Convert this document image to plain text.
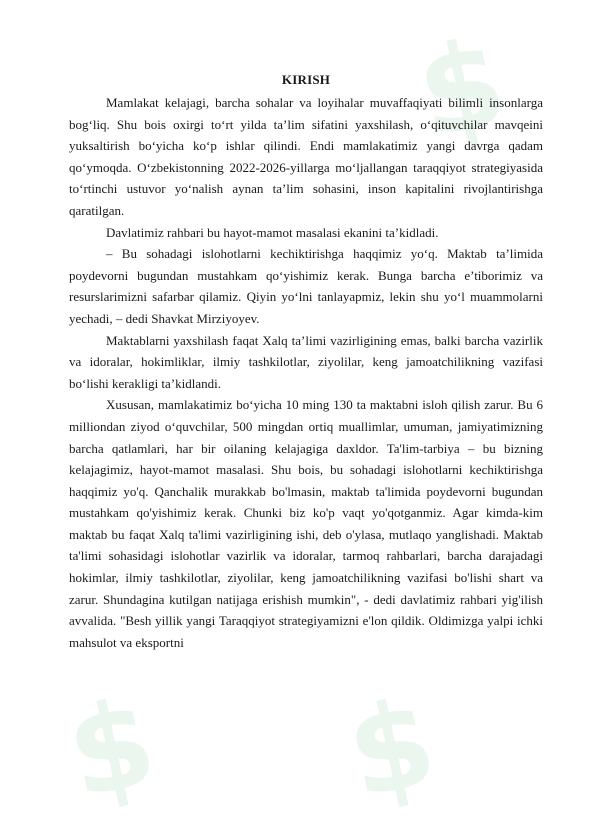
$
$ $
KIRISH

Mamlakat kelajagi, barcha sohalar va loyihalar muvaffaqiyati bilimli insonlarga bog‘liq. Shu bois oxirgi to‘rt yilda ta’lim sifatini yaxshilash, o‘qituvchilar mavqeini yuksaltirish bo‘yicha ko‘p ishlar qilindi. Endi mamlakatimiz yangi davrga qadam qo‘ymoqda. O‘zbekistonning 2022-2026-yillarga mo‘ljallangan taraqqiyot strategiyasida to‘rtinchi ustuvor yo‘nalish aynan ta’lim sohasini, inson kapitalini rivojlantirishga qaratilgan.

Davlatimiz rahbari bu hayot-mamot masalasi ekanini ta’kidladi.

– Bu sohadagi islohotlarni kechiktirishga haqqimiz yo‘q. Maktab ta’limida poydevorni bugundan mustahkam qo‘yishimiz kerak. Bunga barcha e’tiborimiz va resurslarimizni safarbar qilamiz. Qiyin yo‘lni tanlayapmiz, lekin shu yo‘l muammolarni yechadi, – dedi Shavkat Mirziyoyev.

Maktablarni yaxshilash faqat Xalq ta’limi vazirligining emas, balki barcha vazirlik va idoralar, hokimliklar, ilmiy tashkilotlar, ziyolilar, keng jamoatchilikning vazifasi bo‘lishi kerakligi ta’kidlandi.

Xususan, mamlakatimiz bo‘yicha 10 ming 130 ta maktabni isloh qilish zarur. Bu 6 milliondan ziyod o‘quvchilar, 500 mingdan ortiq muallimlar, umuman, jamiyatimizning barcha qatlamlari, har bir oilaning kelajagiga daxldor. Ta'lim-tarbiya – bu bizning kelajagimiz, hayot-mamot masalasi. Shu bois, bu sohadagi islohotlarni kechiktirishga haqqimiz yo'q. Qanchalik murakkab bo'lmasin, maktab ta'limida poydevorni bugundan mustahkam qo'yishimiz kerak. Chunki biz ko'p vaqt yo'qotganmiz. Agar kimda-kim maktab bu faqat Xalq ta'limi vazirligining ishi, deb o'ylasa, mutlaqo yanglishadi. Maktab ta'limi sohasidagi islohotlar vazirlik va idoralar, tarmoq rahbarlari, barcha darajadagi hokimlar, ilmiy tashkilotlar, ziyolilar, keng jamoatchilikning vazifasi bo'lishi shart va zarur. Shundagina kutilgan natijaga erishish mumkin", - dedi davlatimiz rahbari yig'ilish avvalida. "Besh yillik yangi Taraqqiyot strategiyamizni e'lon qildik. Oldimizga yalpi ichki mahsulot va eksportni
